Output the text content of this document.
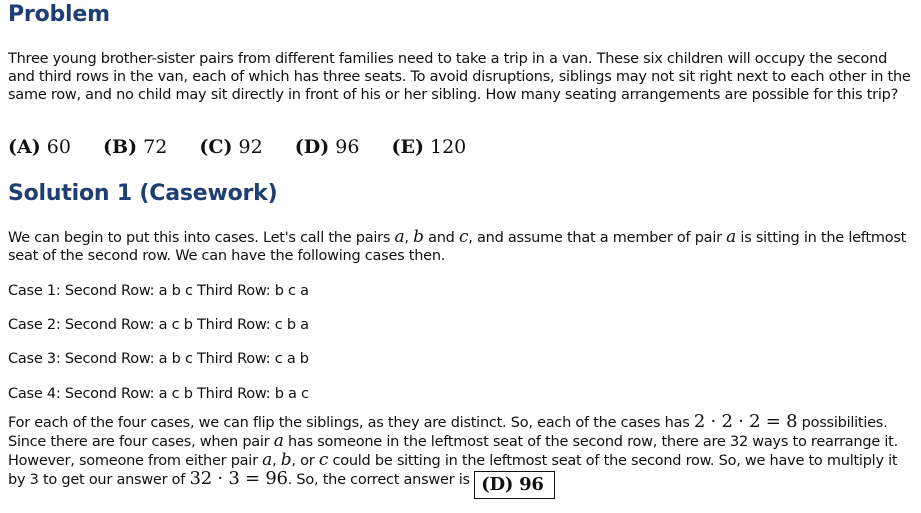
Problem

Three young brother-sister pairs from different families need to take a trip in a van. These six children will occupy the second and third rows in the van, each of which has three seats. To avoid disruptions, siblings may not sit right next to each other in the same row, and no child may sit directly in front of his or her sibling. How many seating arrangements are possible for this trip?

(A) 60 (B) 72 (C) 92 (D) 96 (E) 120
Solution 1 (Casework)

We can begin to put this into cases. Let's call the pairs a, b and c, and assume that a member of pair a is sitting in the leftmost seat of the second row. We can have the following cases then.

Case 1: Second Row: a b c Third Row: b c a

Case 2: Second Row: a c b Third Row: c b a

Case 3: Second Row: a b c Third Row: c a b

Case 4: Second Row: a c b Third Row: b a c

For each of the four cases, we can flip the siblings, as they are distinct. So, each of the cases has 2 · 2 · 2 = 8 possibilities. Since there are four cases, when pair a has someone in the leftmost seat of the second row, there are 32 ways to rearrange it. However, someone from either pair a, b, or c could be sitting in the leftmost seat of the second row. So, we have to multiply it by 3 to get our answer of 32 · 3 = 96. So, the correct answer is (D) 96
